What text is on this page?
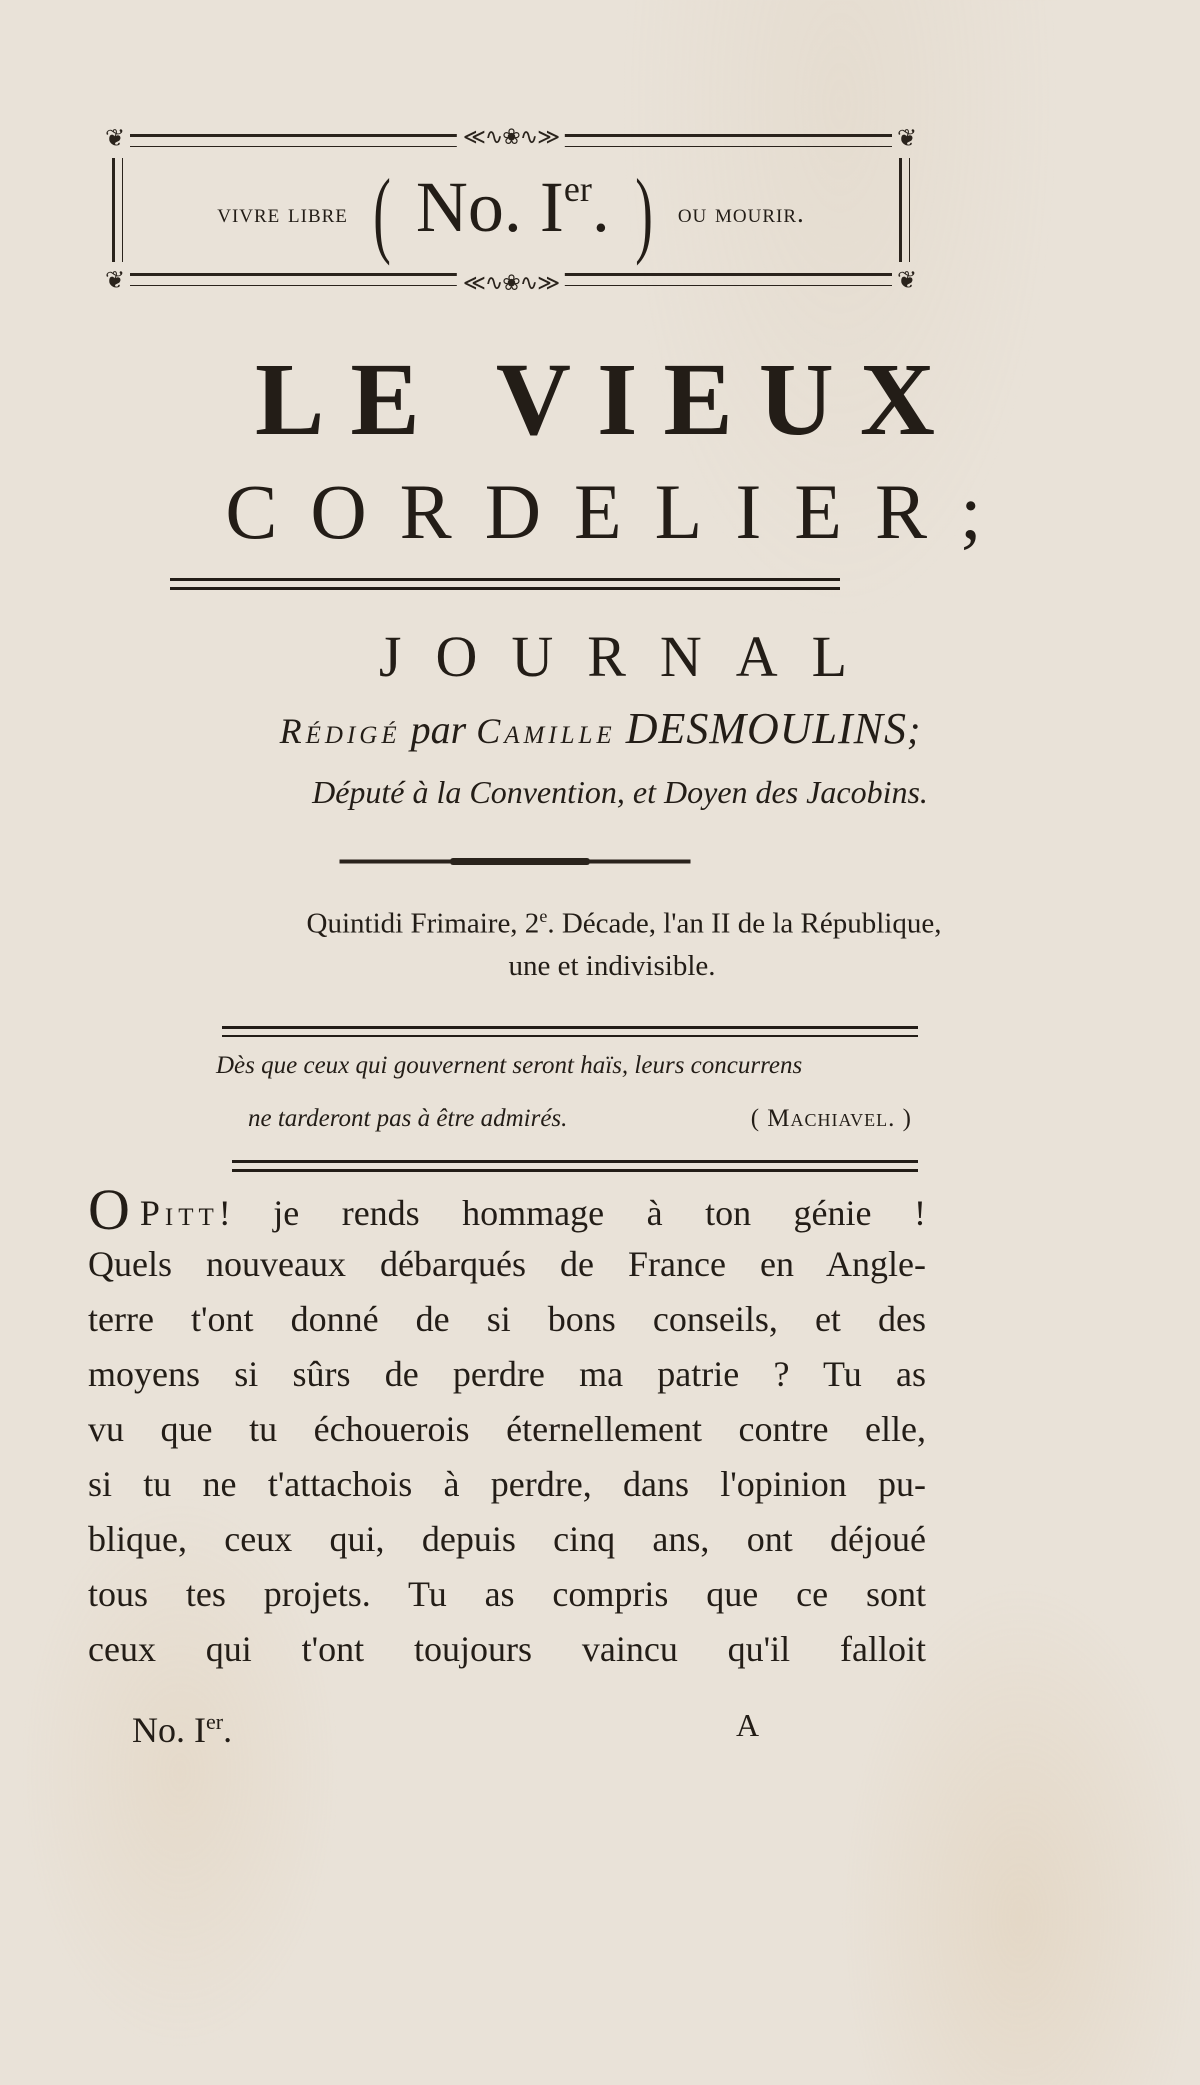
❦	❦
❦	❦
≪∿❀∿≫
≪∿❀∿≫
vivre libre ( No . Ier . ) ou mourir.
LE VIEUX
CORDELIER;
JOURNAL
Rédigé par Camille DESMOULINS;
Député à la Convention, et Doyen des Jacobins.
Quintidi Frimaire, 2e. Décade, l'an II de la République,
une et indivisible.
Dès que ceux qui gouvernent seront haïs, leurs concurrens
ne tarderont pas à être admirés.	( Machiavel. )
O Pitt! je rends hommage à ton génie !
Quels nouveaux débarqués de France en Angle-
terre t'ont donné de si bons conseils, et des
moyens si sûrs de perdre ma patrie ? Tu as
vu que tu échouerois éternellement contre elle,
si tu ne t'attachois à perdre, dans l'opinion pu-
blique, ceux qui, depuis cinq ans, ont déjoué
tous tes projets. Tu as compris que ce sont
ceux qui t'ont toujours vaincu qu'il falloit
No. Ier.	A
